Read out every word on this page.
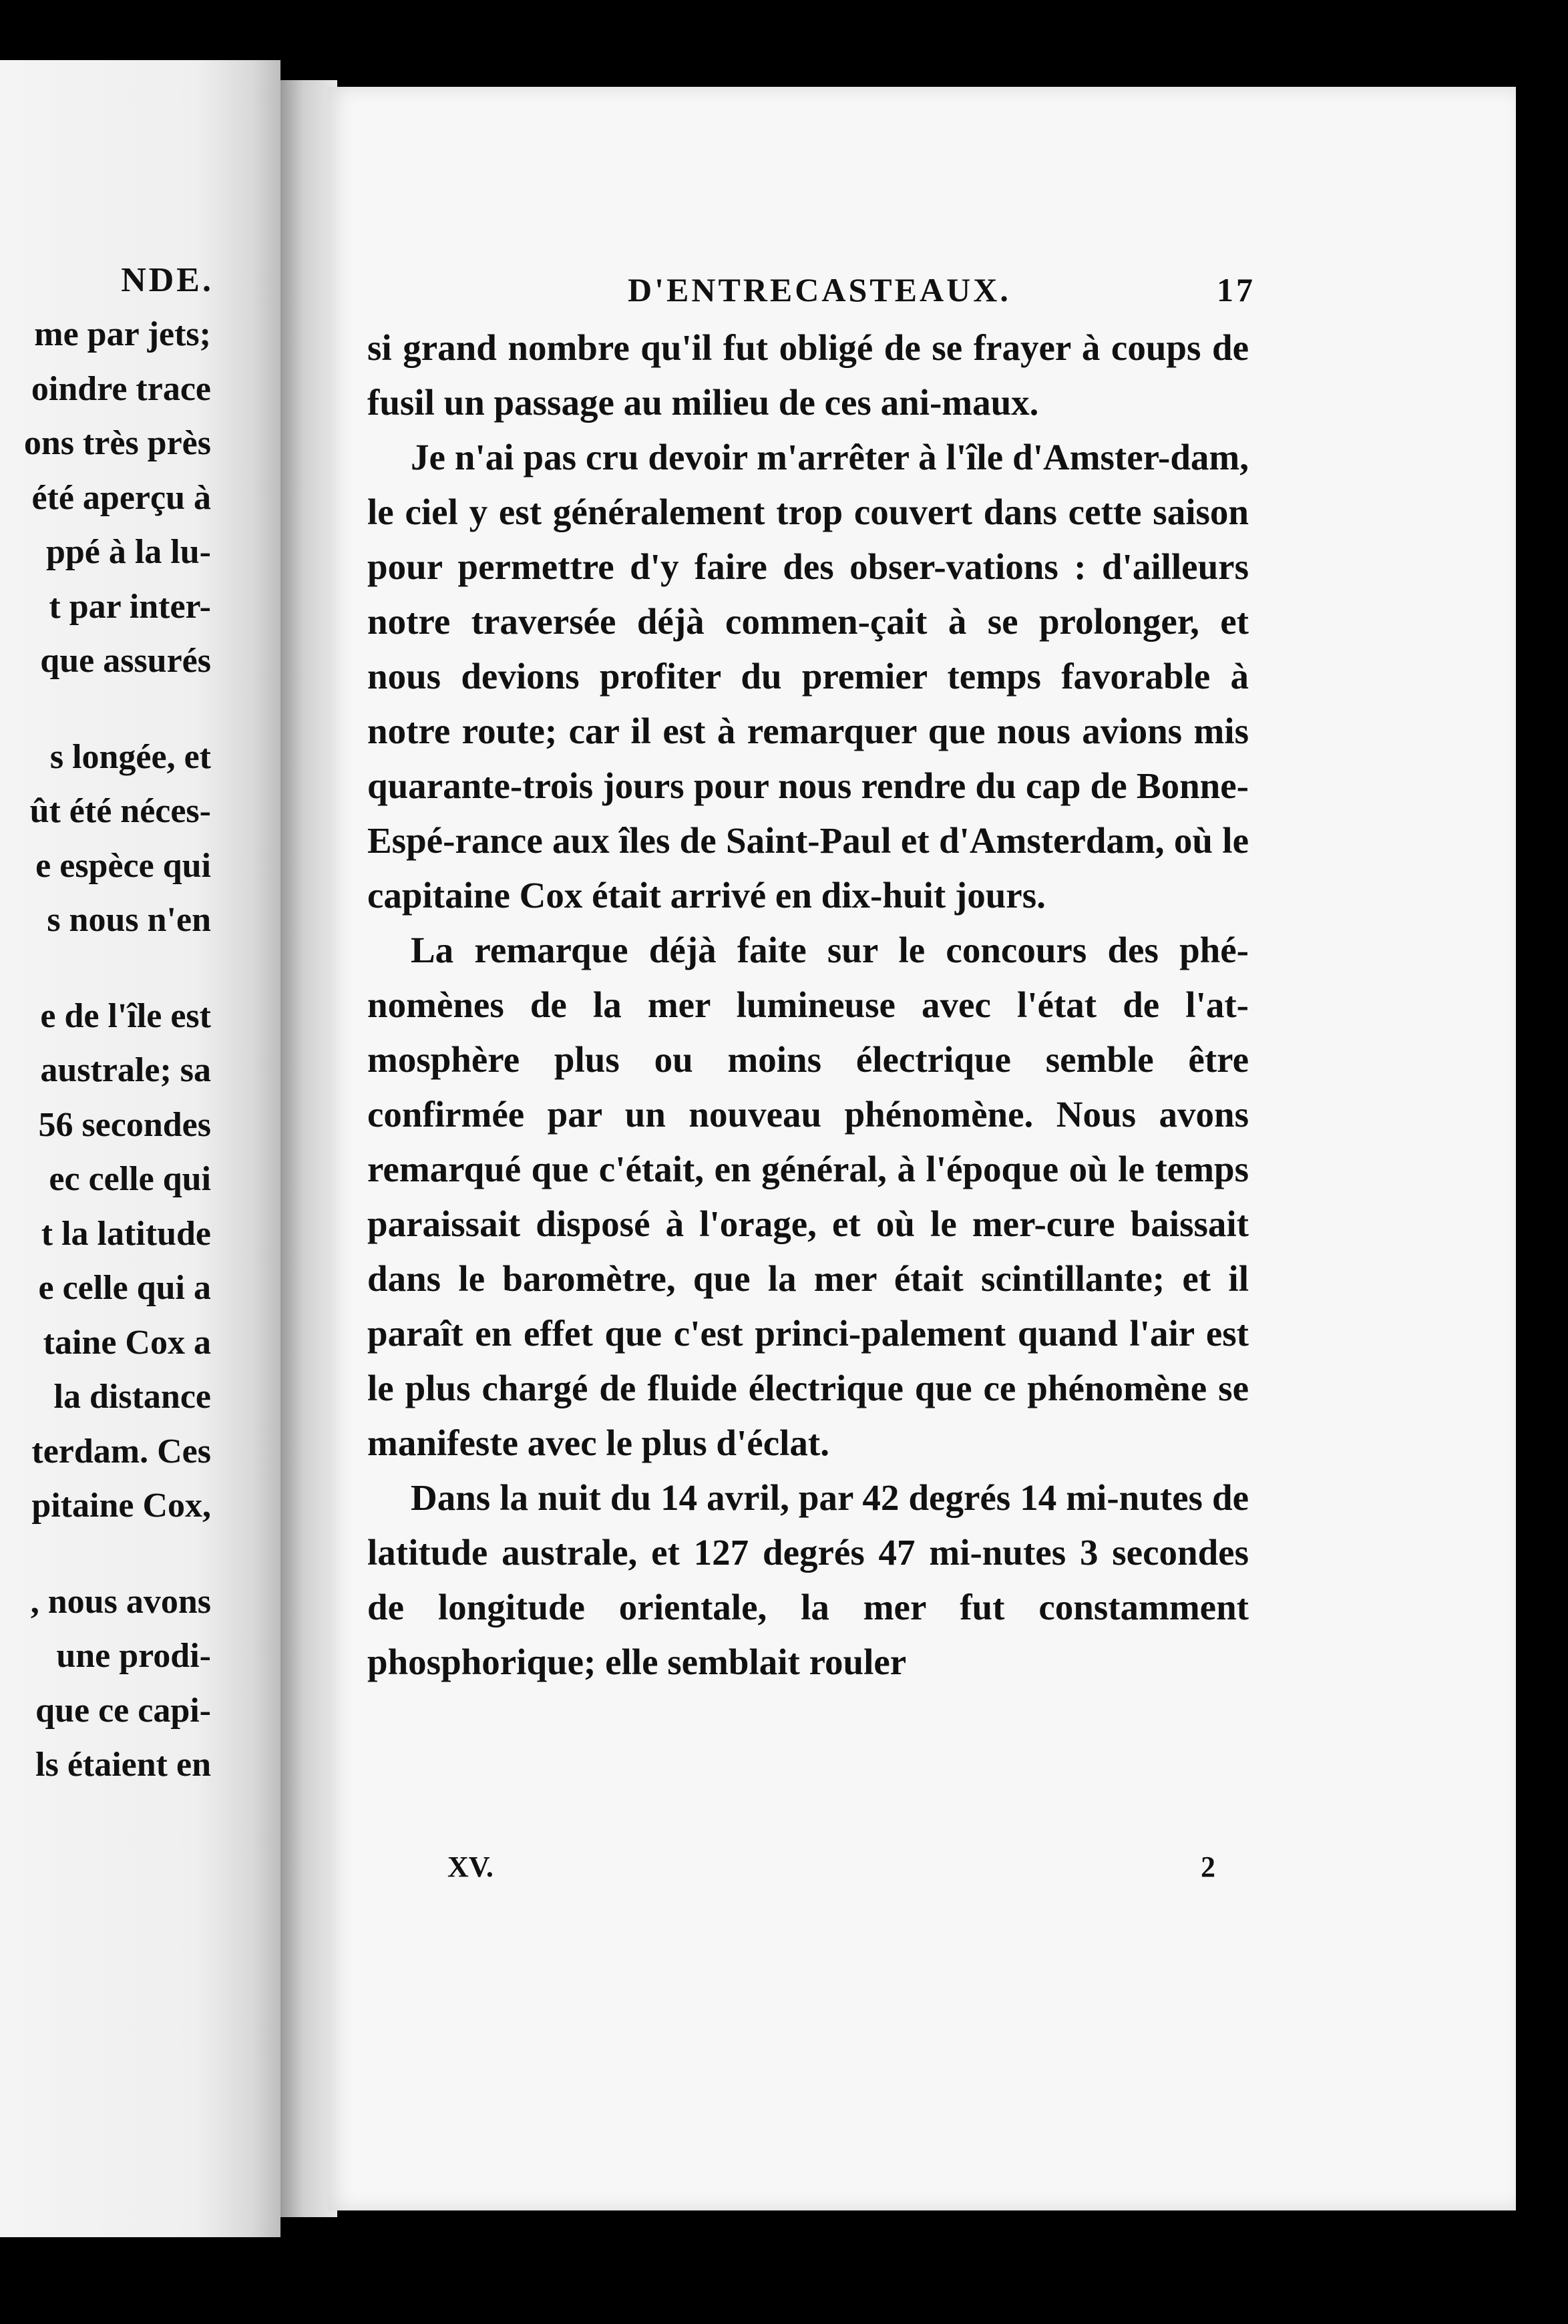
NDE.
me par jets;
oindre trace
ons très près
été aperçu à
ppé à la lu-
t par inter-
que assurés
s longée, et
ût été néces-
e espèce qui
s nous n'en
e de l'île est
australe; sa
56 secondes
ec celle qui
t la latitude
e celle qui a
taine Cox a
la distance
terdam. Ces
pitaine Cox,
, nous avons
une prodi-
que ce capi-
ls étaient en
D'ENTRECASTEAUX.	17

si grand nombre qu'il fut obligé de se frayer à coups de fusil un passage au milieu de ces ani-maux.

Je n'ai pas cru devoir m'arrêter à l'île d'Amster-dam, le ciel y est généralement trop couvert dans cette saison pour permettre d'y faire des obser-vations : d'ailleurs notre traversée déjà commen-çait à se prolonger, et nous devions profiter du premier temps favorable à notre route; car il est à remarquer que nous avions mis quarante-trois jours pour nous rendre du cap de Bonne-Espé-rance aux îles de Saint-Paul et d'Amsterdam, où le capitaine Cox était arrivé en dix-huit jours.

La remarque déjà faite sur le concours des phé-nomènes de la mer lumineuse avec l'état de l'at-mosphère plus ou moins électrique semble être confirmée par un nouveau phénomène. Nous avons remarqué que c'était, en général, à l'époque où le temps paraissait disposé à l'orage, et où le mer-cure baissait dans le baromètre, que la mer était scintillante; et il paraît en effet que c'est princi-palement quand l'air est le plus chargé de fluide électrique que ce phénomène se manifeste avec le plus d'éclat.

Dans la nuit du 14 avril, par 42 degrés 14 mi-nutes de latitude australe, et 127 degrés 47 mi-nutes 3 secondes de longitude orientale, la mer fut constamment phosphorique; elle semblait rouler

XV.	2
